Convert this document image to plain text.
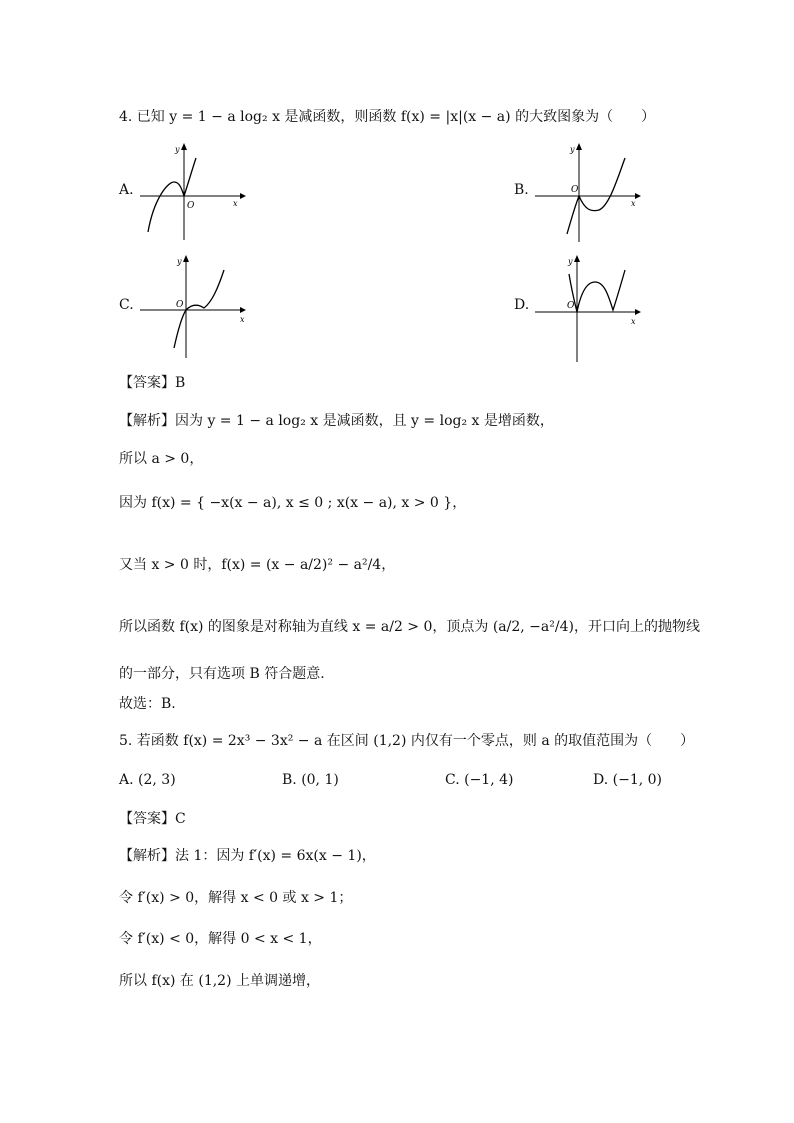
4. 已知 y = 1 − a log₂ x 是减函数，则函数 f(x) = |x|(x − a) 的大致图象为（　　）
A.
O	x
y
B.	O
x
y
C.	O
x
y
D.	O
x
y
【答案】B
【解析】因为 y = 1 − a log₂ x 是减函数，且 y = log₂ x 是增函数，
所以 a > 0，
因为 f(x) = { −x(x − a), x ≤ 0 ; x(x − a), x > 0 }，
又当 x > 0 时，f(x) = (x − a/2)² − a²/4，
所以函数 f(x) 的图象是对称轴为直线 x = a/2 > 0，顶点为 (a/2, −a²/4)，开口向上的抛物线
的一部分，只有选项 B 符合题意.
故选：B.
5. 若函数 f(x) = 2x³ − 3x² − a 在区间 (1,2) 内仅有一个零点，则 a 的取值范围为（　　）
A. (2, 3)	B. (0, 1)	C. (−1, 4)	D. (−1, 0)
【答案】C
【解析】法 1：因为 f′(x) = 6x(x − 1)，
令 f′(x) > 0，解得 x < 0 或 x > 1；
令 f′(x) < 0，解得 0 < x < 1，
所以 f(x) 在 (1,2) 上单调递增，
